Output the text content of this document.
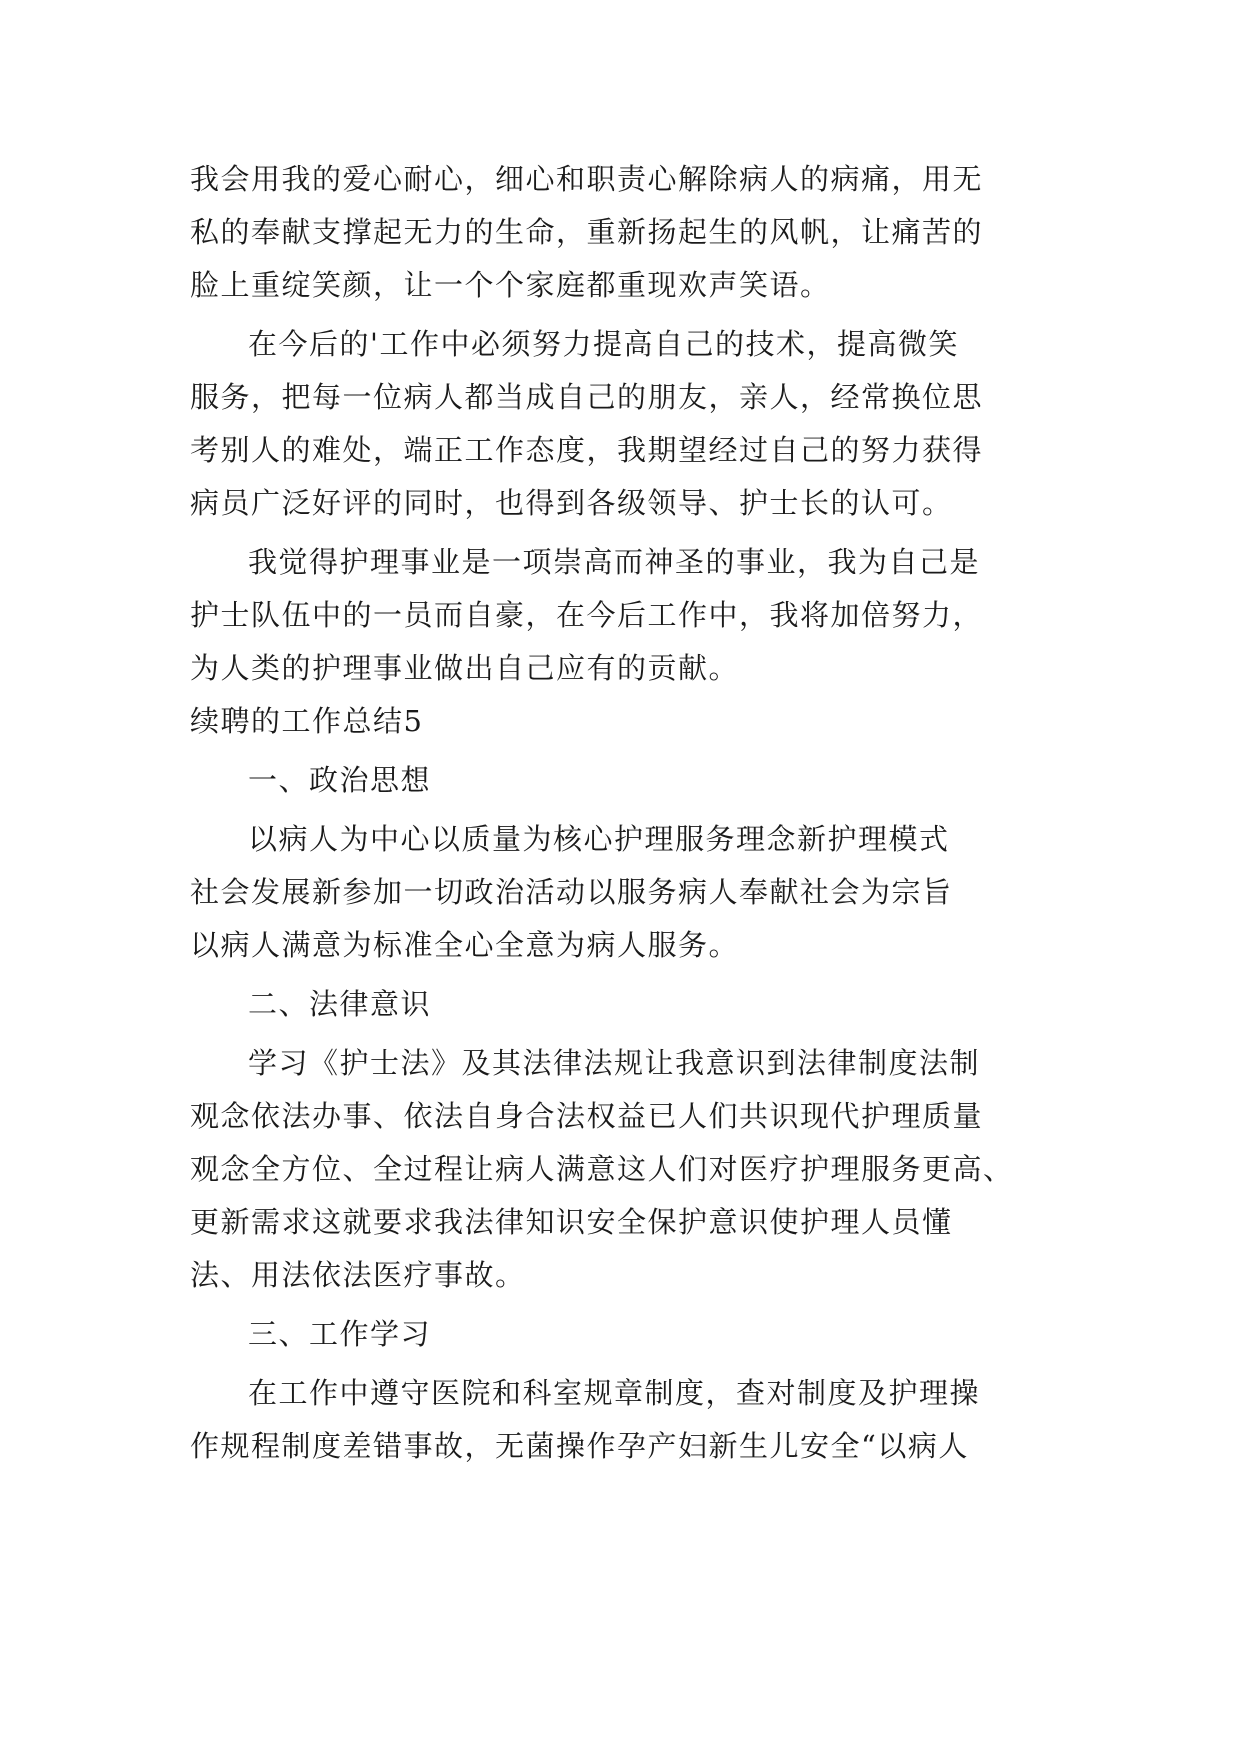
我会用我的爱心耐心，细心和职责心解除病人的病痛，用无
私的奉献支撑起无力的生命，重新扬起生的风帆，让痛苦的
脸上重绽笑颜，让一个个家庭都重现欢声笑语。

在今后的'工作中必须努力提高自己的技术，提高微笑
服务，把每一位病人都当成自己的朋友，亲人，经常换位思
考别人的难处，端正工作态度，我期望经过自己的努力获得
病员广泛好评的同时，也得到各级领导、护士长的认可。

我觉得护理事业是一项崇高而神圣的事业，我为自己是
护士队伍中的一员而自豪，在今后工作中，我将加倍努力，
为人类的护理事业做出自己应有的贡献。

续聘的工作总结5

一、政治思想

以病人为中心以质量为核心护理服务理念新护理模式
社会发展新参加一切政治活动以服务病人奉献社会为宗旨
以病人满意为标准全心全意为病人服务。

二、法律意识

学习《护士法》及其法律法规让我意识到法律制度法制
观念依法办事、依法自身合法权益已人们共识现代护理质量
观念全方位、全过程让病人满意这人们对医疗护理服务更高、
更新需求这就要求我法律知识安全保护意识使护理人员懂
法、用法依法医疗事故。

三、工作学习

在工作中遵守医院和科室规章制度，查对制度及护理操
作规程制度差错事故，无菌操作孕产妇新生儿安全“以病人
